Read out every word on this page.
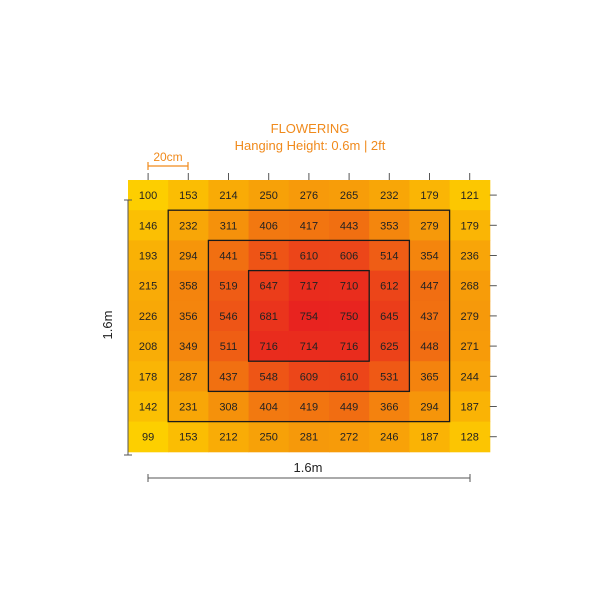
FLOWERING
Hanging Height: 0.6m | 2ft
20cm
100 153 214 250 276 265 232 179 121
146 232 311 406 417 443 353 279 179
193 294 441 551 610 606 514 354 236
215 358 519 647 717 710 612 447 268
226 356 546 681 754 750 645 437 279
208 349 511 716 714 716 625 448 271
178 287 437 548 609 610 531 365 244
142 231 308 404 419 449 366 294 187
99 153 212 250 281 272 246 187 128
1.6m
1.6m
